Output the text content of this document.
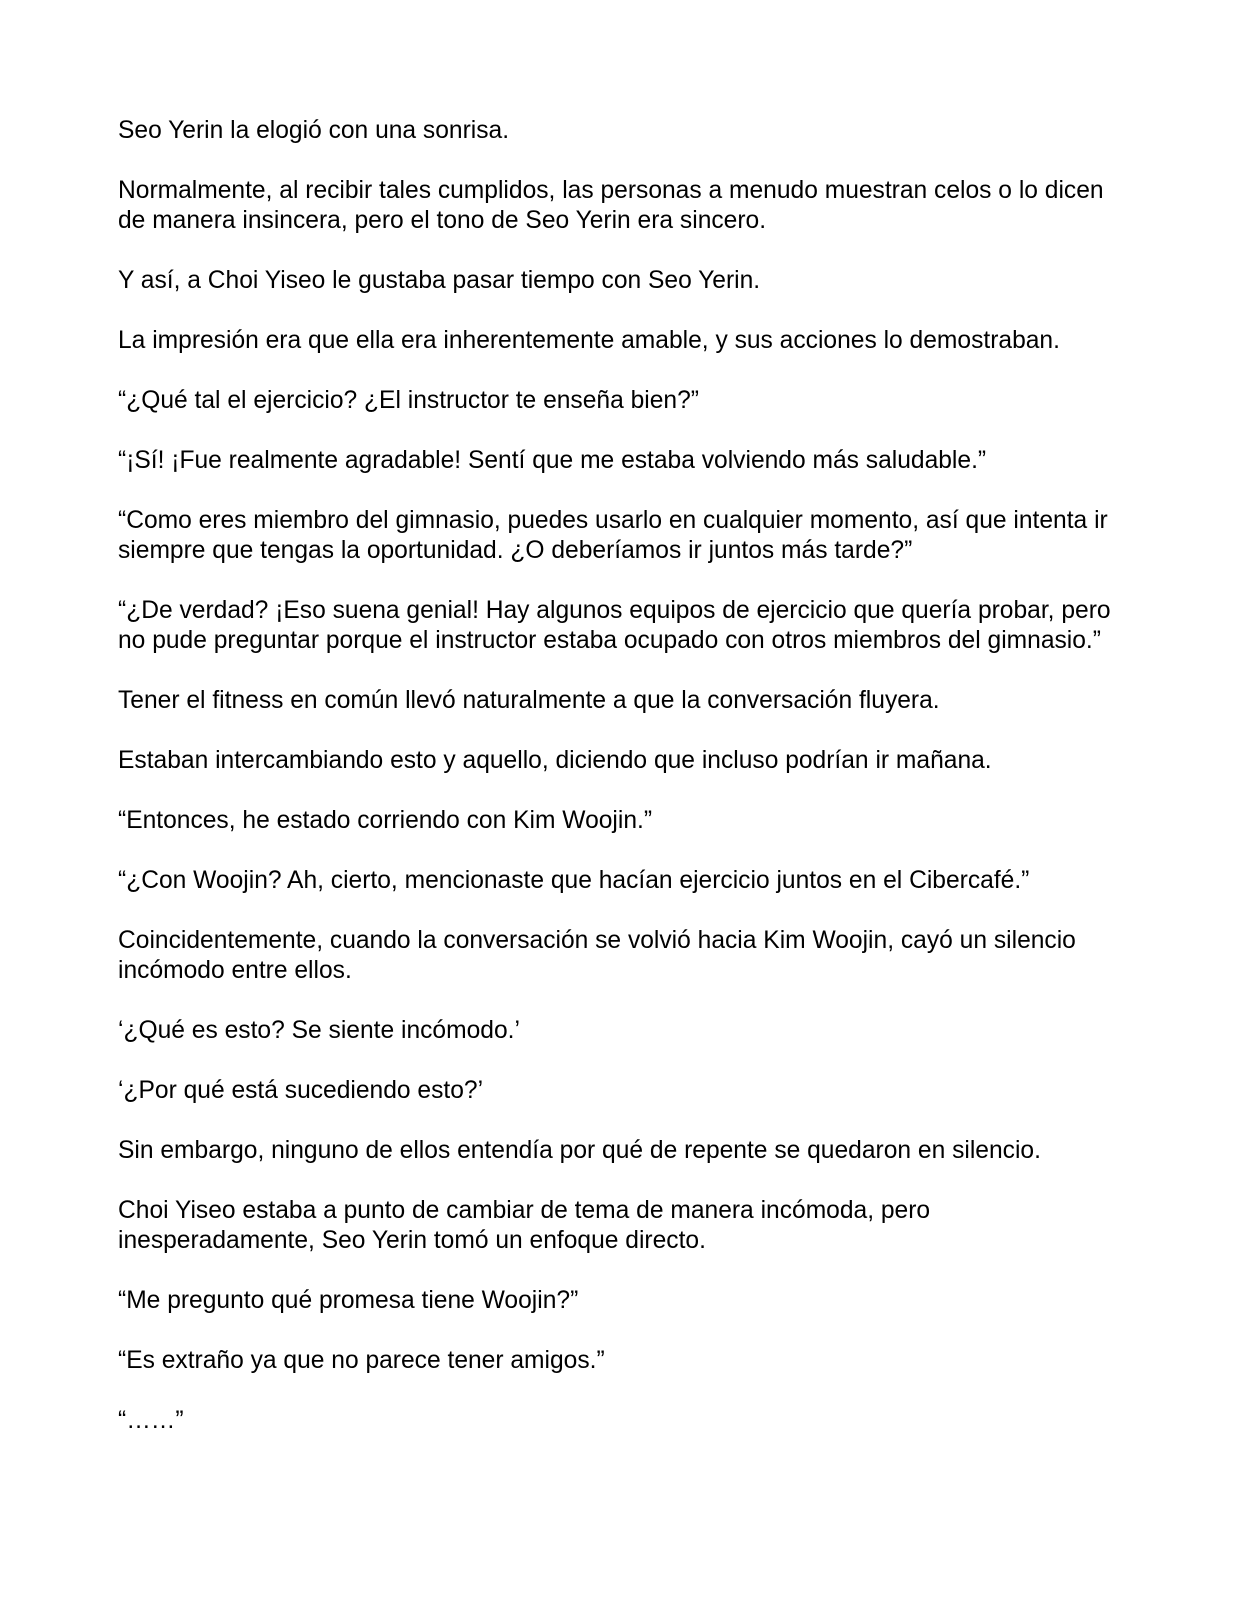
Seo Yerin la elogió con una sonrisa.

Normalmente, al recibir tales cumplidos, las personas a menudo muestran celos o lo dicen de manera insincera, pero el tono de Seo Yerin era sincero.

Y así, a Choi Yiseo le gustaba pasar tiempo con Seo Yerin.

La impresión era que ella era inherentemente amable, y sus acciones lo demostraban.

“¿Qué tal el ejercicio? ¿El instructor te enseña bien?”

“¡Sí! ¡Fue realmente agradable! Sentí que me estaba volviendo más saludable.”

“Como eres miembro del gimnasio, puedes usarlo en cualquier momento, así que intenta ir siempre que tengas la oportunidad. ¿O deberíamos ir juntos más tarde?”

“¿De verdad? ¡Eso suena genial! Hay algunos equipos de ejercicio que quería probar, pero no pude preguntar porque el instructor estaba ocupado con otros miembros del gimnasio.”

Tener el fitness en común llevó naturalmente a que la conversación fluyera.

Estaban intercambiando esto y aquello, diciendo que incluso podrían ir mañana.

“Entonces, he estado corriendo con Kim Woojin.”

“¿Con Woojin? Ah, cierto, mencionaste que hacían ejercicio juntos en el Cibercafé.”

Coincidentemente, cuando la conversación se volvió hacia Kim Woojin, cayó un silencio incómodo entre ellos.

‘¿Qué es esto? Se siente incómodo.’

‘¿Por qué está sucediendo esto?’

Sin embargo, ninguno de ellos entendía por qué de repente se quedaron en silencio.

Choi Yiseo estaba a punto de cambiar de tema de manera incómoda, pero inesperadamente, Seo Yerin tomó un enfoque directo.

“Me pregunto qué promesa tiene Woojin?”

“Es extraño ya que no parece tener amigos.”

“……”
